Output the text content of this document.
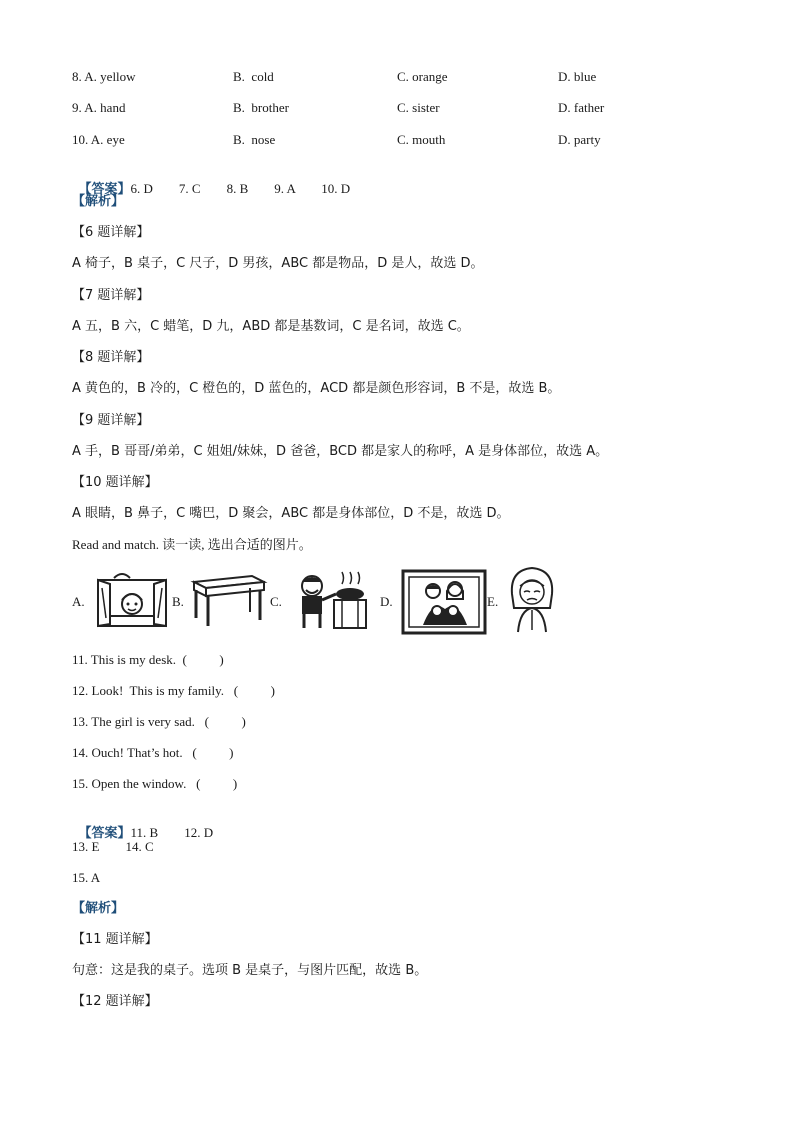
8. A. yellow	B.  cold	C. orange	D. blue
9. A. hand	B.  brother	C. sister	D. father
10. A. eye	B.  nose	C. mouth	D. party

【答案】6. D        7. C        8. B        9. A        10. D

【解析】
【6 题详解】
A 椅子，B 桌子，C 尺子，D 男孩，ABC 都是物品，D 是人，故选 D。
【7 题详解】
A 五，B 六，C 蜡笔，D 九，ABD 都是基数词，C 是名词，故选 C。
【8 题详解】
A 黄色的，B 冷的，C 橙色的，D 蓝色的，ACD 都是颜色形容词，B 不是，故选 B。
【9 题详解】
A 手，B 哥哥/弟弟，C 姐姐/妹妹，D 爸爸，BCD 都是家人的称呼，A 是身体部位，故选 A。
【10 题详解】
A 眼睛，B 鼻子，C 嘴巴，D 聚会，ABC 都是身体部位，D 不是，故选 D。
Read and match. 读一读, 选出合适的图片。
A.	B.	C.	D.	E.
11. This is my desk.  (          )
12. Look!  This is my family.   (          )
13. The girl is very sad.   (          )
14. Ouch! That’s hot.   (          )
15. Open the window.   (          )

【答案】11. B        12. D

13. E        14. C
15. A
【解析】
【11 题详解】
句意：这是我的桌子。选项 B 是桌子，与图片匹配，故选 B。
【12 题详解】
